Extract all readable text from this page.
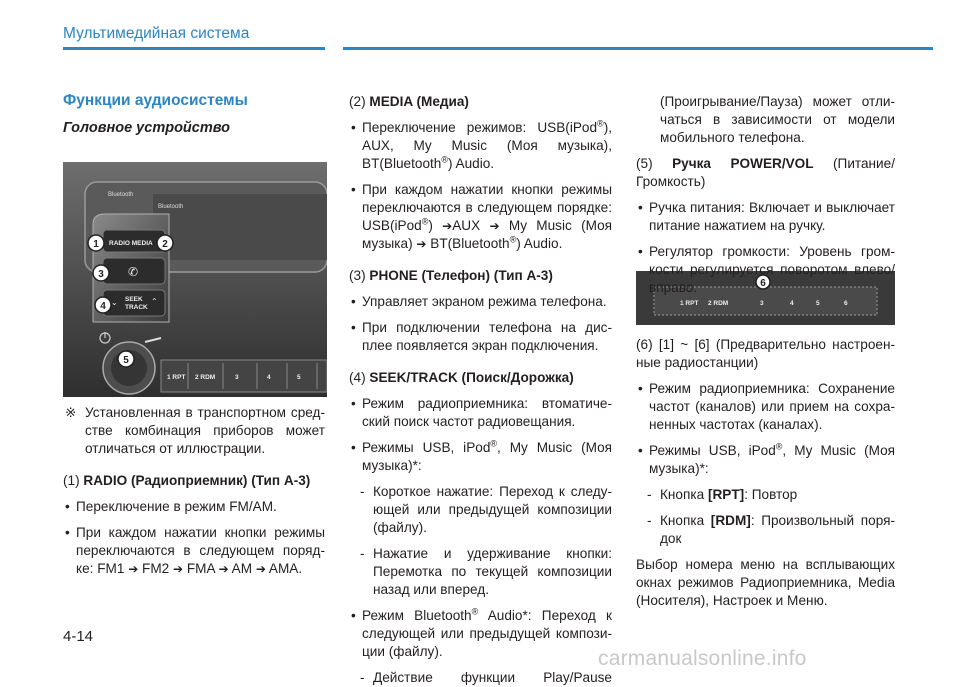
Мультимедийная система
Функции аудиосистемы
Головное устройство
Bluetooth
Bluetooth
RADIO MEDIA
✆
⌄ SEEK
TRACK
⌃
1 RPT 2 RDM	3	4	5
1	2
3
4
5
1 RPT 2 RDM	3	4	5	6
6

※ Установленная в транспортном сред- стве комбинация приборов может отличаться от иллюстрации.

(1) RADIO (Радиоприемник) (Тип А-3)

• Переключение в режим FM/AM.

• При каждом нажатии кнопки режимы переключаются в следующем поряд- ке: FM1 ➔ FM2 ➔ FMA ➔ AM ➔ AMA.

(2) MEDIA (Медиа)

• Переключение режимов: USB(iPod®), AUX, My Music (Моя музыка), BT(Bluetooth®) Audio.

• При каждом нажатии кнопки режимы переключаются в следующем порядке: USB(iPod®) ➔AUX ➔ My Music (Моя музыка) ➔ BT(Bluetooth®) Audio.

(3) PHONE (Телефон) (Тип А-3)

• Управляет экраном режима телефона.

• При подключении телефона на дис- плее появляется экран подключения.

(4) SEEK/TRACK (Поиск/Дорожка)

• Режим радиоприемника: втоматиче- ский поиск частот радиовещания.

• Режимы USB, iPod®, My Music (Моя музыка)*:

- Короткое нажатие: Переход к следу- ющей или предыдущей композиции (файлу).

- Нажатие и удерживание кнопки: Перемотка по текущей композиции назад или вперед.

• Режим Bluetooth® Audio*: Переход к следующей или предыдущей компози- ции (файлу).

- Действие функции Play/Pause

(Проигрывание/Пауза) может отли- чаться в зависимости от модели мобильного телефона.

(5) Ручка POWER/VOL (Питание/ Громкость)

• Ручка питания: Включает и выключает питание нажатием на ручку.

• Регулятор громкости: Уровень гром- кости регулируется поворотом влево/ вправо.

(6) [1] ~ [6] (Предварительно настроен- ные радиостанции)

• Режим радиоприемника: Сохранение частот (каналов) или прием на сохра- ненных частотах (каналах).

• Режимы USB, iPod®, My Music (Моя музыка)*:

- Кнопка [RPT]: Повтор

- Кнопка [RDM]: Произвольный поря- док

Выбор номера меню на всплывающих окнах режимов Радиоприемника, Media (Носителя), Настроек и Меню.

4-14
carmanualsonline.info
